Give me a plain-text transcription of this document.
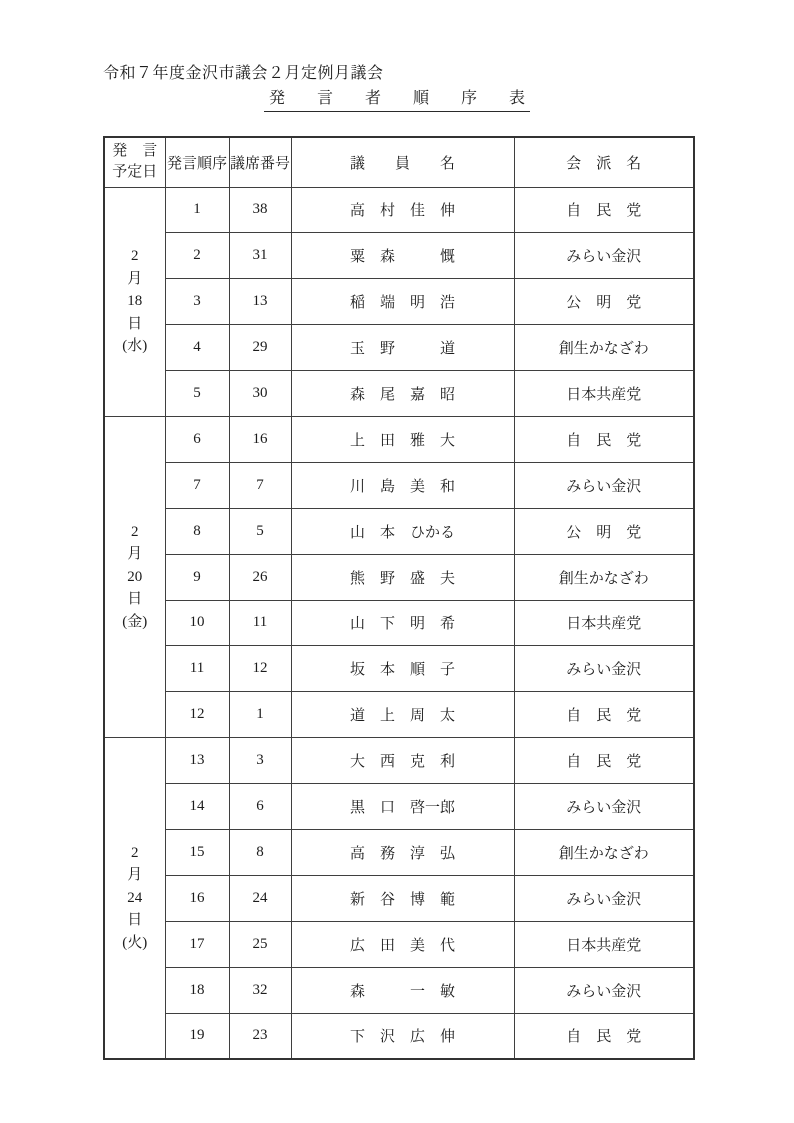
令和７年度金沢市議会２月定例月議会
発　　言　　者　　順　　序　　表
発　言
予定日	発言順序	議席番号	議　　員　　名	会　派　名

2
月
18
日
(水)	1	38	高　村　佳　伸	自　民　党
	2	31	粟　森　　　慨	みらい金沢
	3	13	稲　端　明　浩	公　明　党
	4	29	玉　野　　　道	創生かなざわ
	5	30	森　尾　嘉　昭	日本共産党

2
月
20
日
(金)	6	16	上　田　雅　大	自　民　党
	7	7	川　島　美　和	みらい金沢
	8	5	山　本　ひかる	公　明　党
	9	26	熊　野　盛　夫	創生かなざわ
	10	11	山　下　明　希	日本共産党
	11	12	坂　本　順　子	みらい金沢
	12	1	道　上　周　太	自　民　党

2
月
24
日
(火)	13	3	大　西　克　利	自　民　党
	14	6	黒　口　啓一郎	みらい金沢
	15	8	高　務　淳　弘	創生かなざわ
	16	24	新　谷　博　範	みらい金沢
	17	25	広　田　美　代	日本共産党
	18	32	森　　　一　敏	みらい金沢
	19	23	下　沢　広　伸	自　民　党
